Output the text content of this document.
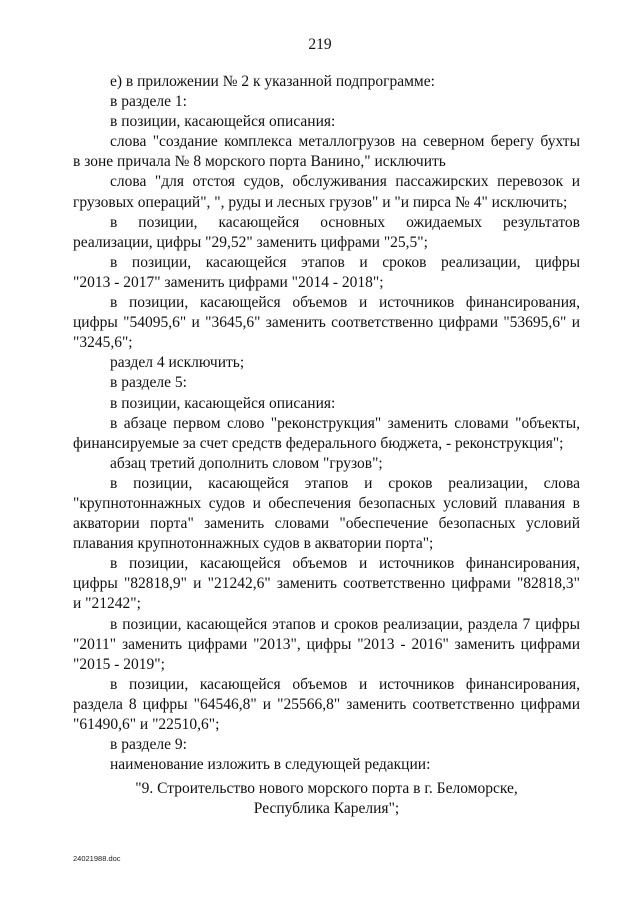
219
е) в приложении № 2 к указанной подпрограмме:
в разделе 1:
в позиции, касающейся описания:
слова "создание комплекса металлогрузов на северном берегу бухты
в зоне причала № 8 морского порта Ванино," исключить
слова "для отстоя судов, обслуживания пассажирских перевозок и
грузовых операций", ", руды и лесных грузов" и "и пирса № 4" исключить;
в позиции, касающейся основных ожидаемых результатов
реализации, цифры "29,52" заменить цифрами "25,5";
в позиции, касающейся этапов и сроков реализации, цифры
"2013 - 2017" заменить цифрами "2014 - 2018";
в позиции, касающейся объемов и источников финансирования,
цифры "54095,6" и "3645,6" заменить соответственно цифрами "53695,6" и
"3245,6";
раздел 4 исключить;
в разделе 5:
в позиции, касающейся описания:
в абзаце первом слово "реконструкция" заменить словами "объекты,
финансируемые за счет средств федерального бюджета, - реконструкция";
абзац третий дополнить словом "грузов";
в позиции, касающейся этапов и сроков реализации, слова
"крупнотоннажных судов и обеспечения безопасных условий плавания в
акватории порта" заменить словами "обеспечение безопасных условий
плавания крупнотоннажных судов в акватории порта";
в позиции, касающейся объемов и источников финансирования,
цифры "82818,9" и "21242,6" заменить соответственно цифрами "82818,3"
и "21242";
в позиции, касающейся этапов и сроков реализации, раздела 7 цифры
"2011" заменить цифрами "2013", цифры "2013 - 2016" заменить цифрами
"2015 - 2019";
в позиции, касающейся объемов и источников финансирования,
раздела 8 цифры "64546,8" и "25566,8" заменить соответственно цифрами
"61490,6" и "22510,6";
в разделе 9:
наименование изложить в следующей редакции:
"9. Строительство нового морского порта в г. Беломорске,
Республика Карелия";
24021988.doc
